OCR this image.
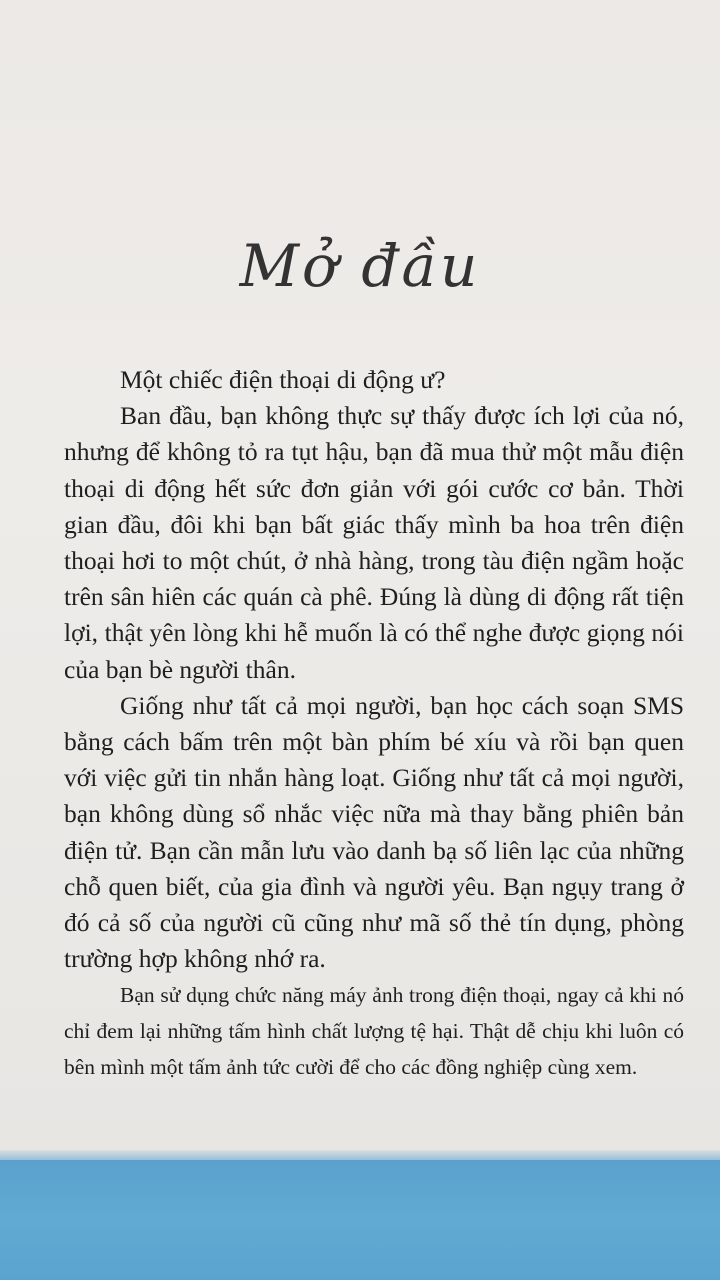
Mở đầu

Một chiếc điện thoại di động ư?

Ban đầu, bạn không thực sự thấy được ích lợi của nó, nhưng để không tỏ ra tụt hậu, bạn đã mua thử một mẫu điện thoại di động hết sức đơn giản với gói cước cơ bản. Thời gian đầu, đôi khi bạn bất giác thấy mình ba hoa trên điện thoại hơi to một chút, ở nhà hàng, trong tàu điện ngầm hoặc trên sân hiên các quán cà phê. Đúng là dùng di động rất tiện lợi, thật yên lòng khi hễ muốn là có thể nghe được giọng nói của bạn bè người thân.

Giống như tất cả mọi người, bạn học cách soạn SMS bằng cách bấm trên một bàn phím bé xíu và rồi bạn quen với việc gửi tin nhắn hàng loạt. Giống như tất cả mọi người, bạn không dùng sổ nhắc việc nữa mà thay bằng phiên bản điện tử. Bạn cần mẫn lưu vào danh bạ số liên lạc của những chỗ quen biết, của gia đình và người yêu. Bạn ngụy trang ở đó cả số của người cũ cũng như mã số thẻ tín dụng, phòng trường hợp không nhớ ra.

Bạn sử dụng chức năng máy ảnh trong điện thoại, ngay cả khi nó chỉ đem lại những tấm hình chất lượng tệ hại. Thật dễ chịu khi luôn có bên mình một tấm ảnh tức cười để cho các đồng nghiệp cùng xem.
